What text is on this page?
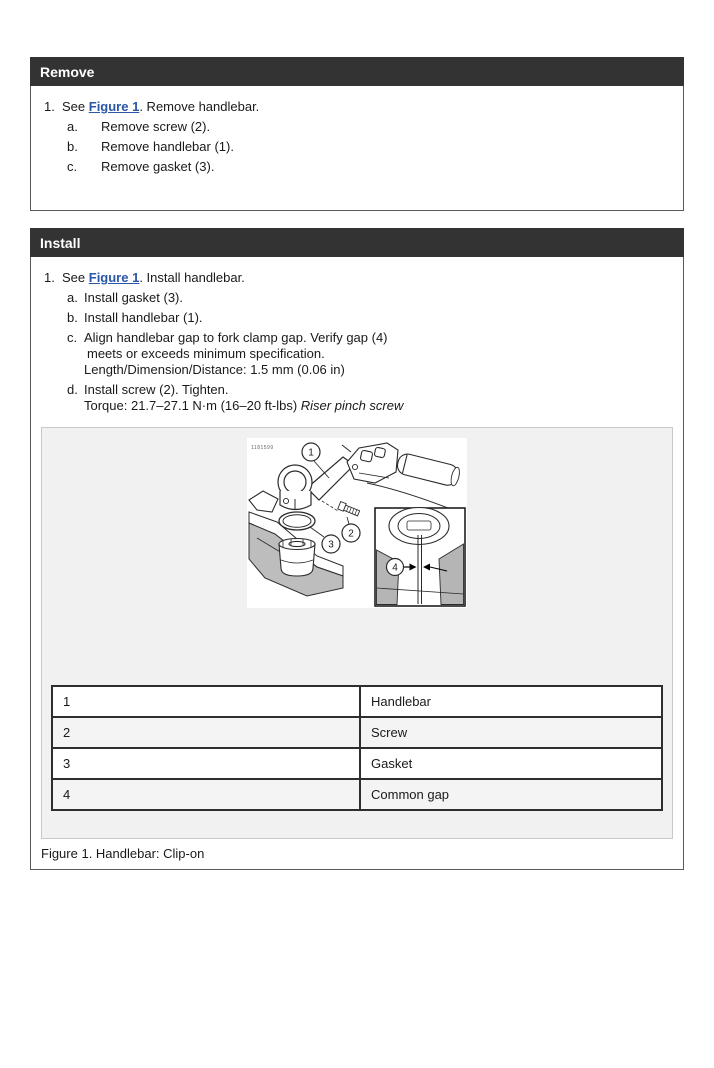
Remove
1. See Figure 1. Remove handlebar.
a.	Remove screw (2).
b.	Remove handlebar (1).
c.	Remove gasket (3).
Install
1. See Figure 1. Install handlebar.
a. Install gasket (3).
b. Install handlebar (1).
c. Align handlebar gap to fork clamp gap. Verify gap (4)
meets or exceeds minimum specification.
Length/Dimension/Distance: 1.5 mm (0.06 in)
d. Install screw (2). Tighten.
Torque: 21.7–27.1 N·m (16–20 ft-lbs) Riser pinch screw
1181599	1
2
3
4
1	Handlebar
2	Screw
3	Gasket
4	Common gap
Figure 1. Handlebar: Clip-on
